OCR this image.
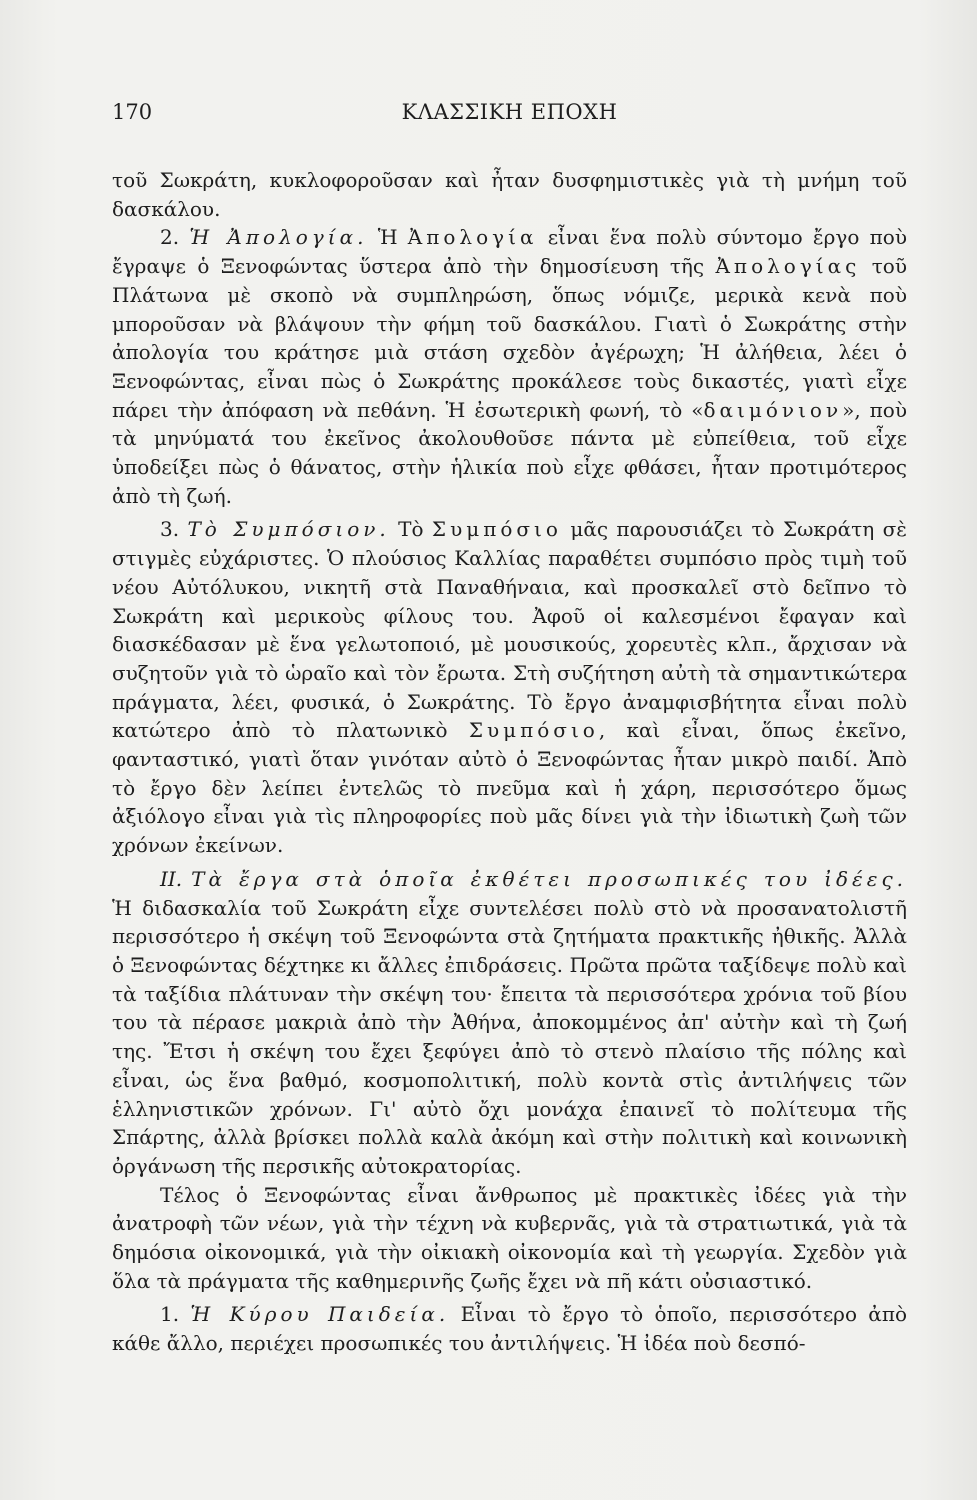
170	ΚΛΑΣΣΙΚΗ ΕΠΟΧΗ

τοῦ Σωκράτη, κυκλοφοροῦσαν καὶ ἦταν δυσφημιστικὲς γιὰ τὴ μνήμη τοῦ δασκάλου.

2. Ἡ Ἀπολογία. Ἡ Ἀπολογία εἶναι ἕνα πολὺ σύντομο ἔργο ποὺ ἔγραψε ὁ Ξενοφώντας ὕστερα ἀπὸ τὴν δημοσίευση τῆς Ἀπολογίας τοῦ Πλάτωνα μὲ σκοπὸ νὰ συμπληρώση, ὅπως νόμιζε, μερικὰ κενὰ ποὺ μποροῦσαν νὰ βλάψουν τὴν φήμη τοῦ δασκάλου. Γιατὶ ὁ Σωκράτης στὴν ἀπολογία του κράτησε μιὰ στάση σχεδὸν ἀγέρωχη; Ἡ ἀλήθεια, λέει ὁ Ξενοφώντας, εἶναι πὼς ὁ Σωκράτης προκάλεσε τοὺς δικαστές, γιατὶ εἶχε πάρει τὴν ἀπόφαση νὰ πεθάνη. Ἡ ἐσωτερικὴ φωνή, τὸ «δαιμόνιον», ποὺ τὰ μηνύματά του ἐκεῖνος ἀκολουθοῦσε πάντα μὲ εὐπείθεια, τοῦ εἶχε ὑποδείξει πὼς ὁ θάνατος, στὴν ἡλικία ποὺ εἶχε φθάσει, ἦταν προτιμότερος ἀπὸ τὴ ζωή.

3. Τὸ Συμπόσιον. Τὸ Συμπόσιο μᾶς παρουσιάζει τὸ Σωκράτη σὲ στιγμὲς εὐχάριστες. Ὁ πλούσιος Καλλίας παραθέτει συμπόσιο πρὸς τιμὴ τοῦ νέου Αὐτόλυκου, νικητῆ στὰ Παναθήναια, καὶ προσκαλεῖ στὸ δεῖπνο τὸ Σωκράτη καὶ μερικοὺς φίλους του. Ἀφοῦ οἱ καλεσμένοι ἔφαγαν καὶ διασκέδασαν μὲ ἕνα γελωτοποιό, μὲ μουσικούς, χορευτὲς κλπ., ἄρχισαν νὰ συζητοῦν γιὰ τὸ ὡραῖο καὶ τὸν ἔρωτα. Στὴ συζήτηση αὐτὴ τὰ σημαντικώτερα πράγματα, λέει, φυσικά, ὁ Σωκράτης. Τὸ ἔργο ἀναμφισβήτητα εἶναι πολὺ κατώτερο ἀπὸ τὸ πλατωνικὸ Συμπόσιο, καὶ εἶναι, ὅπως ἐκεῖνο, φανταστικό, γιατὶ ὅταν γινόταν αὐτὸ ὁ Ξενοφώντας ἦταν μικρὸ παιδί. Ἀπὸ τὸ ἔργο δὲν λείπει ἐντελῶς τὸ πνεῦμα καὶ ἡ χάρη, περισσότερο ὅμως ἀξιόλογο εἶναι γιὰ τὶς πληροφορίες ποὺ μᾶς δίνει γιὰ τὴν ἰδιωτικὴ ζωὴ τῶν χρόνων ἐκείνων.

II. Τὰ ἔργα στὰ ὁποῖα ἐκθέτει προσωπικές του ἰδέες. Ἡ διδασκαλία τοῦ Σωκράτη εἶχε συντελέσει πολὺ στὸ νὰ προσανατολιστῆ περισσότερο ἡ σκέψη τοῦ Ξενοφώντα στὰ ζητήματα πρακτικῆς ἠθικῆς. Ἀλλὰ ὁ Ξενοφώντας δέχτηκε κι ἄλλες ἐπιδράσεις. Πρῶτα πρῶτα ταξίδεψε πολὺ καὶ τὰ ταξίδια πλάτυναν τὴν σκέψη του· ἔπειτα τὰ περισσότερα χρόνια τοῦ βίου του τὰ πέρασε μακριὰ ἀπὸ τὴν Ἀθήνα, ἀποκομμένος ἀπ' αὐτὴν καὶ τὴ ζωή της. Ἔτσι ἡ σκέψη του ἔχει ξεφύγει ἀπὸ τὸ στενὸ πλαίσιο τῆς πόλης καὶ εἶναι, ὡς ἕνα βαθμό, κοσμοπολιτική, πολὺ κοντὰ στὶς ἀντιλήψεις τῶν ἑλληνιστικῶν χρόνων. Γι' αὐτὸ ὄχι μονάχα ἐπαινεῖ τὸ πολίτευμα τῆς Σπάρτης, ἀλλὰ βρίσκει πολλὰ καλὰ ἀκόμη καὶ στὴν πολιτικὴ καὶ κοινωνικὴ ὀργάνωση τῆς περσικῆς αὐτοκρατορίας.

Τέλος ὁ Ξενοφώντας εἶναι ἄνθρωπος μὲ πρακτικὲς ἰδέες γιὰ τὴν ἀνατροφὴ τῶν νέων, γιὰ τὴν τέχνη νὰ κυβερνᾶς, γιὰ τὰ στρατιωτικά, γιὰ τὰ δημόσια οἰκονομικά, γιὰ τὴν οἰκιακὴ οἰκονομία καὶ τὴ γεωργία. Σχεδὸν γιὰ ὅλα τὰ πράγματα τῆς καθημερινῆς ζωῆς ἔχει νὰ πῆ κάτι οὐσιαστικό.

1. Ἡ Κύρου Παιδεία. Εἶναι τὸ ἔργο τὸ ὁποῖο, περισσότερο ἀπὸ κάθε ἄλλο, περιέχει προσωπικές του ἀντιλήψεις. Ἡ ἰδέα ποὺ δεσπό-
